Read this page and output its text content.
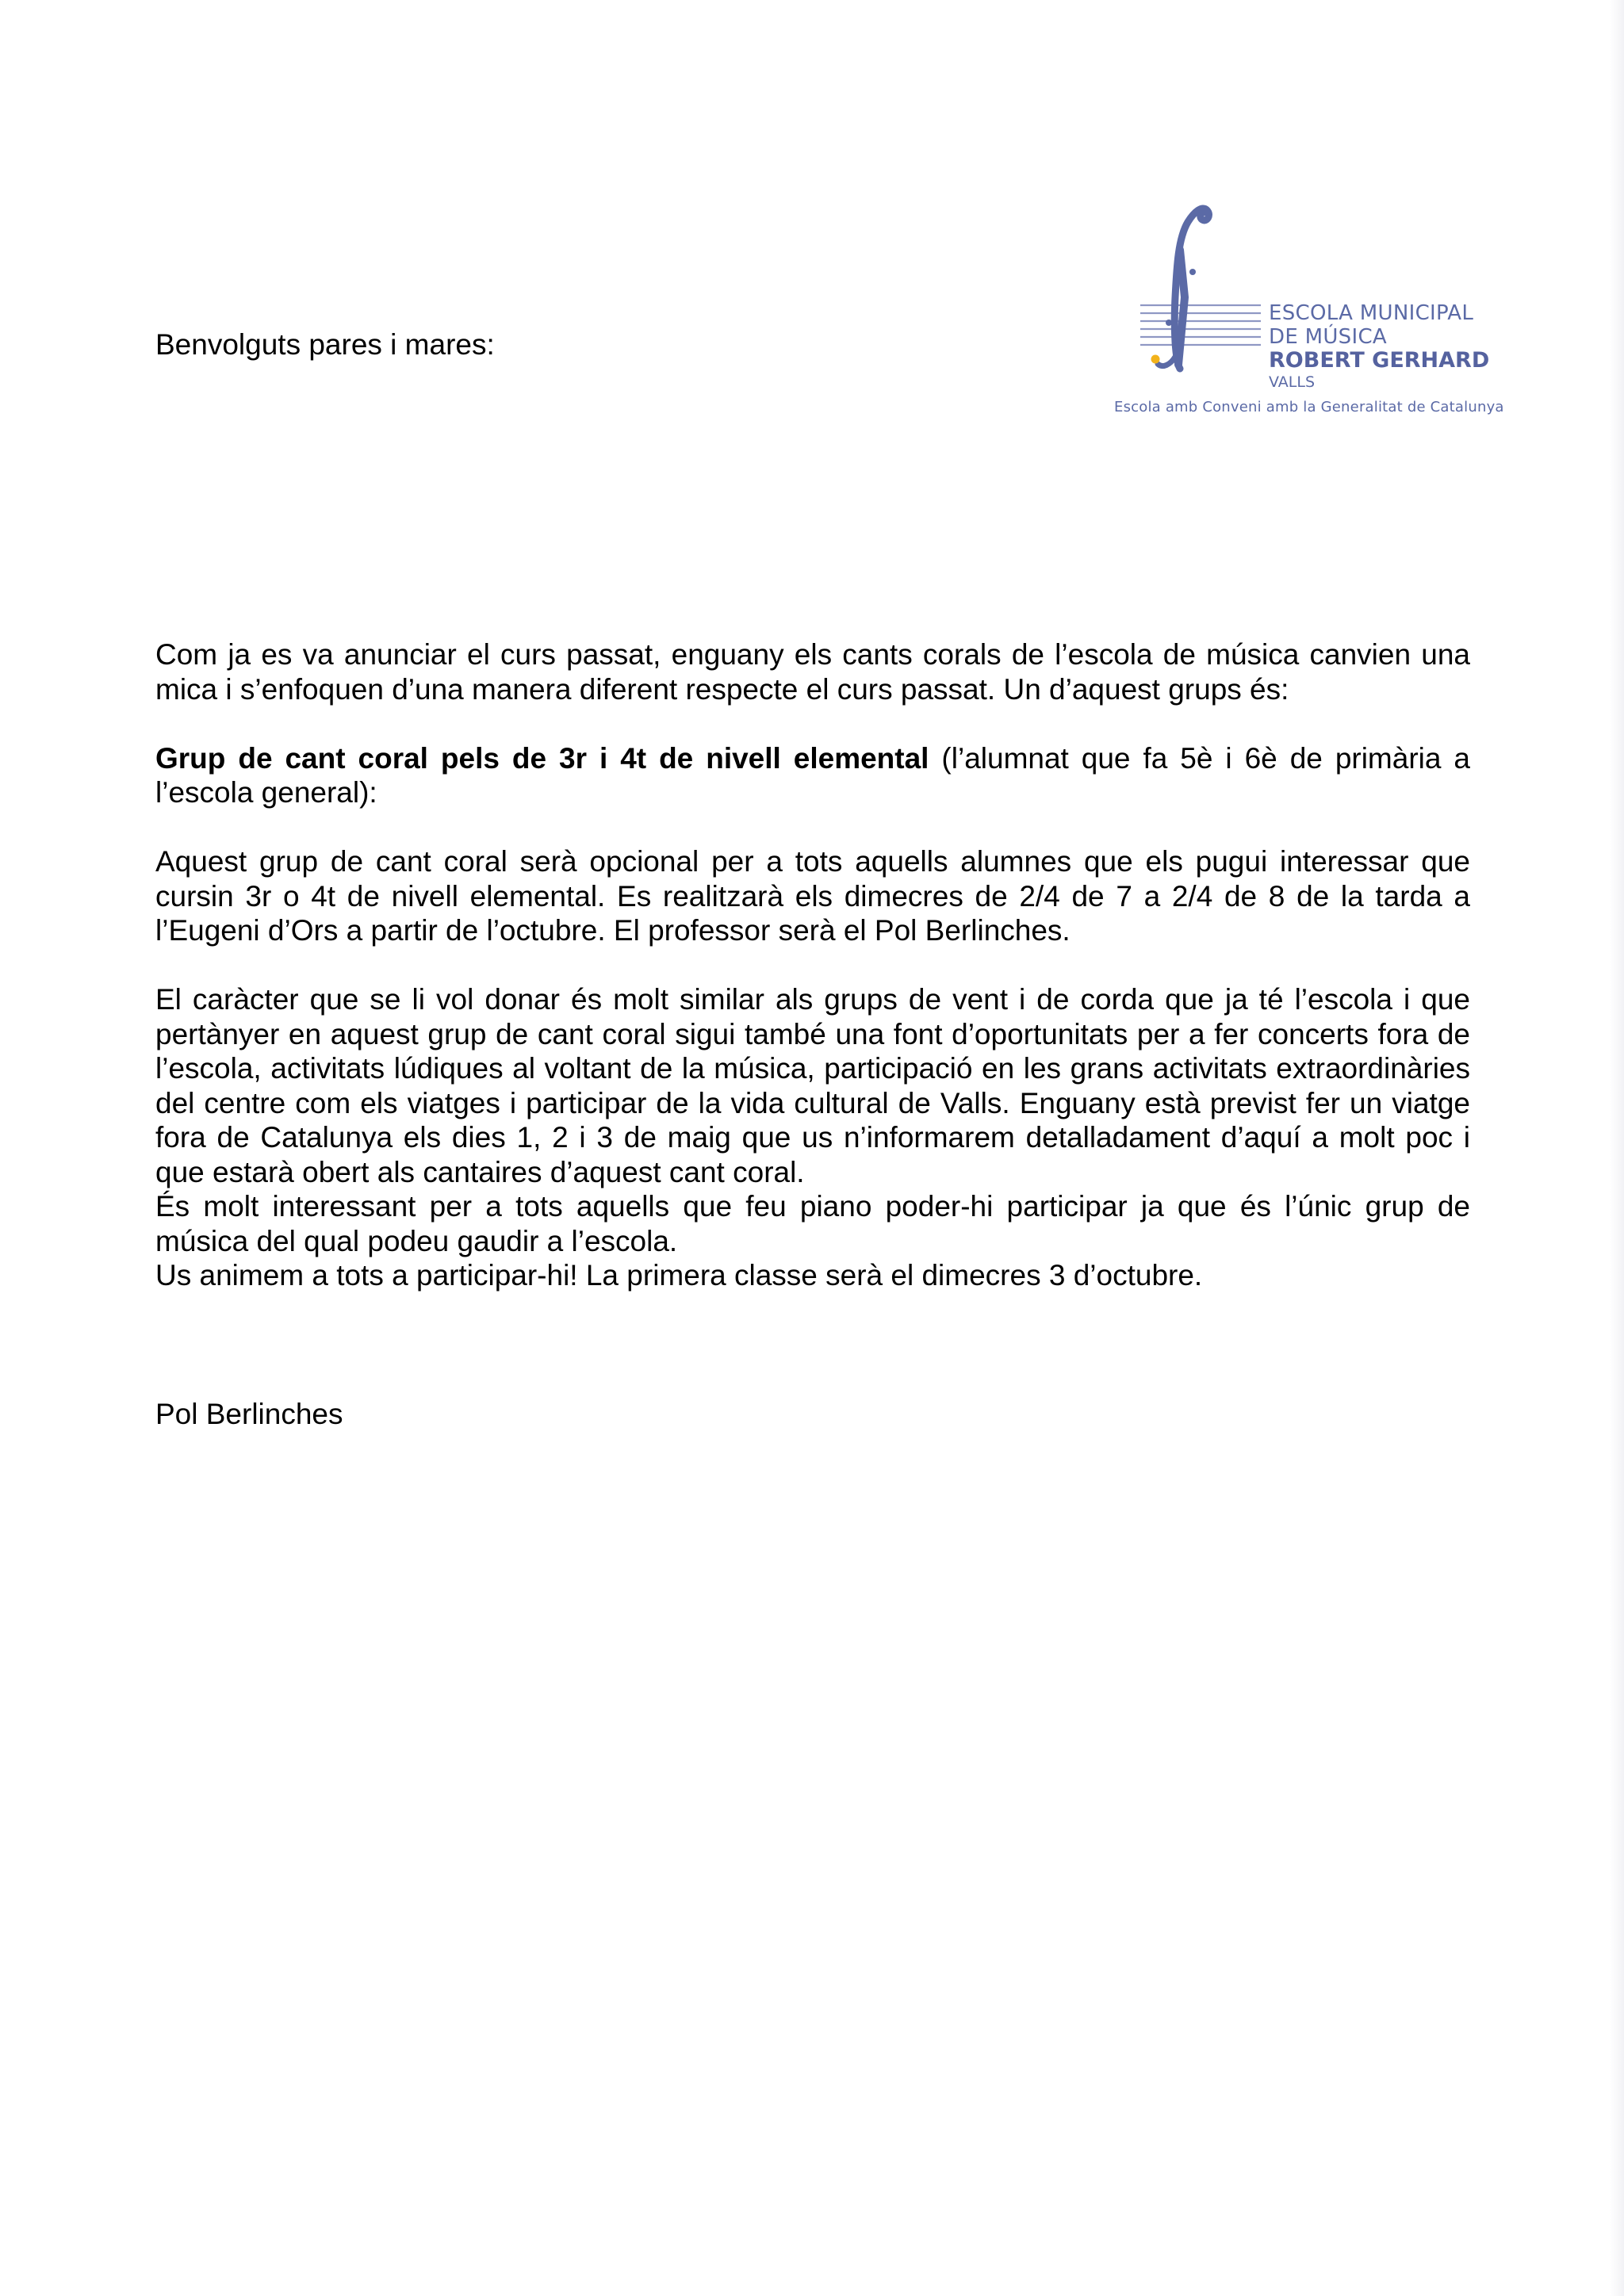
ESCOLA MUNICIPAL
DE MÚSICA
ROBERT GERHARD
VALLS
Escola amb Conveni amb la Generalitat de Catalunya
Benvolguts pares i mares:

Com ja es va anunciar el curs passat, enguany els cants corals de l’escola de música canvien una mica i s’enfoquen d’una manera diferent respecte el curs passat. Un d’aquest grups és:

Grup de cant coral pels de 3r i 4t de nivell elemental (l’alumnat que fa 5è i 6è de primària a l’escola general):

Aquest grup de cant coral serà opcional per a tots aquells alumnes que els pugui interessar que cursin 3r o 4t de nivell elemental. Es realitzarà els dimecres de 2/4 de 7 a 2/4 de 8 de la tarda a l’Eugeni d’Ors a partir de l’octubre. El professor serà el Pol Berlinches.

El caràcter que se li vol donar és molt similar als grups de vent i de corda que ja té l’escola i que pertànyer en aquest grup de cant coral sigui també una font d’oportunitats per a fer concerts fora de l’escola, activitats lúdiques al voltant de la música, participació en les grans activitats extraordinàries del centre com els viatges i participar de la vida cultural de Valls. Enguany està previst fer un viatge fora de Catalunya els dies 1, 2 i 3 de maig que us n’informarem detalladament d’aquí a molt poc i que estarà obert als cantaires d’aquest cant coral.

És molt interessant per a tots aquells que feu piano poder-hi participar ja que és l’únic grup de música del qual podeu gaudir a l’escola.

Us animem a tots a participar-hi! La primera classe serà el dimecres 3 d’octubre.

Pol Berlinches
